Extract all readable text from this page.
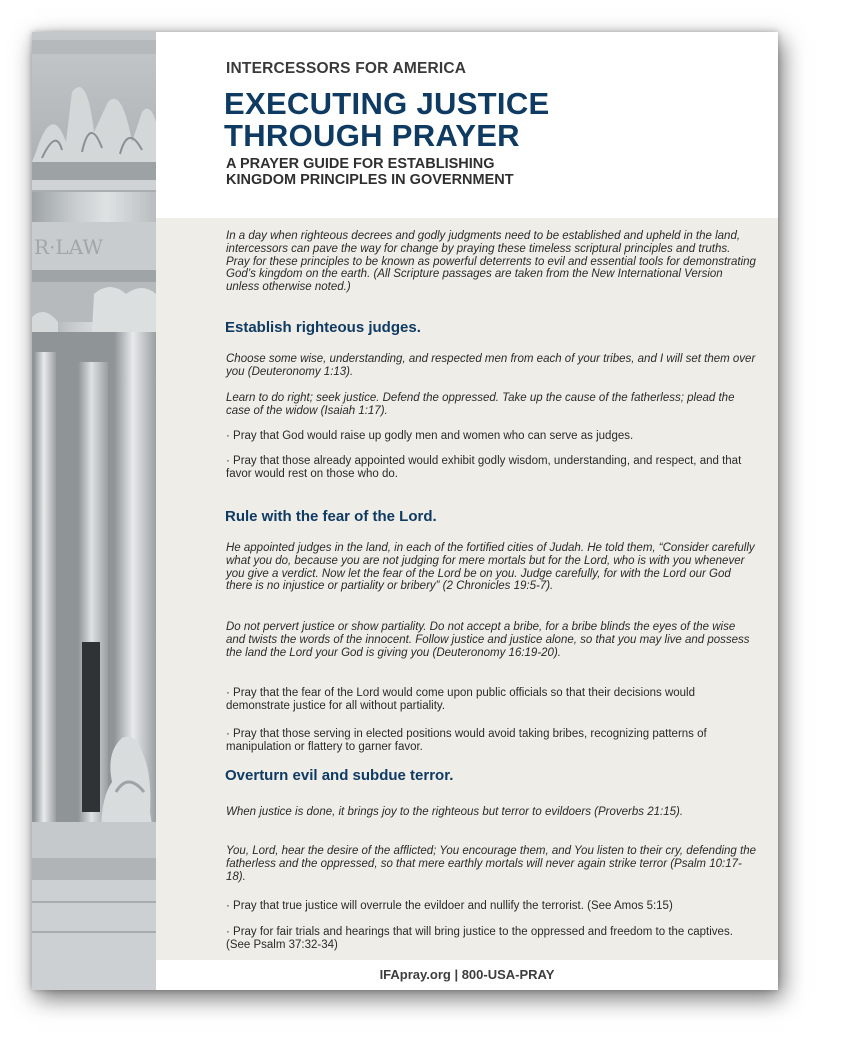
R·LAW
INTERCESSORS FOR AMERICA
EXECUTING JUSTICE
THROUGH PRAYER
A PRAYER GUIDE FOR ESTABLISHING
KINGDOM PRINCIPLES IN GOVERNMENT

In a day when righteous decrees and godly judgments need to be established and upheld in the land, intercessors can pave the way for change by praying these timeless scriptural principles and truths. Pray for these principles to be known as powerful deterrents to evil and essential tools for demonstrating God’s kingdom on the earth. (All Scripture passages are taken from the New International Version unless otherwise noted.)

Establish righteous judges.

Choose some wise, understanding, and respected men from each of your tribes, and I will set them over you (Deuteronomy 1:13).

Learn to do right; seek justice. Defend the oppressed. Take up the cause of the fatherless; plead the case of the widow (Isaiah 1:17).

· Pray that God would raise up godly men and women who can serve as judges.

· Pray that those already appointed would exhibit godly wisdom, understanding, and respect, and that favor would rest on those who do.

Rule with the fear of the Lord.

He appointed judges in the land, in each of the fortified cities of Judah. He told them, “Consider carefully what you do, because you are not judging for mere mortals but for the Lord, who is with you whenever you give a verdict. Now let the fear of the Lord be on you. Judge carefully, for with the Lord our God there is no injustice or partiality or bribery” (2 Chronicles 19:5-7).

Do not pervert justice or show partiality. Do not accept a bribe, for a bribe blinds the eyes of the wise and twists the words of the innocent. Follow justice and justice alone, so that you may live and possess the land the Lord your God is giving you (Deuteronomy 16:19-20).

· Pray that the fear of the Lord would come upon public officials so that their decisions would demonstrate justice for all without partiality.

· Pray that those serving in elected positions would avoid taking bribes, recognizing patterns of manipulation or flattery to garner favor.

Overturn evil and subdue terror.

When justice is done, it brings joy to the righteous but terror to evildoers (Proverbs 21:15).

You, Lord, hear the desire of the afflicted; You encourage them, and You listen to their cry, defending the fatherless and the oppressed, so that mere earthly mortals will never again strike terror (Psalm 10:17-18).

· Pray that true justice will overrule the evildoer and nullify the terrorist. (See Amos 5:15)

· Pray for fair trials and hearings that will bring justice to the oppressed and freedom to the captives. (See Psalm 37:32-34)

IFApray.org | 800-USA-PRAY
